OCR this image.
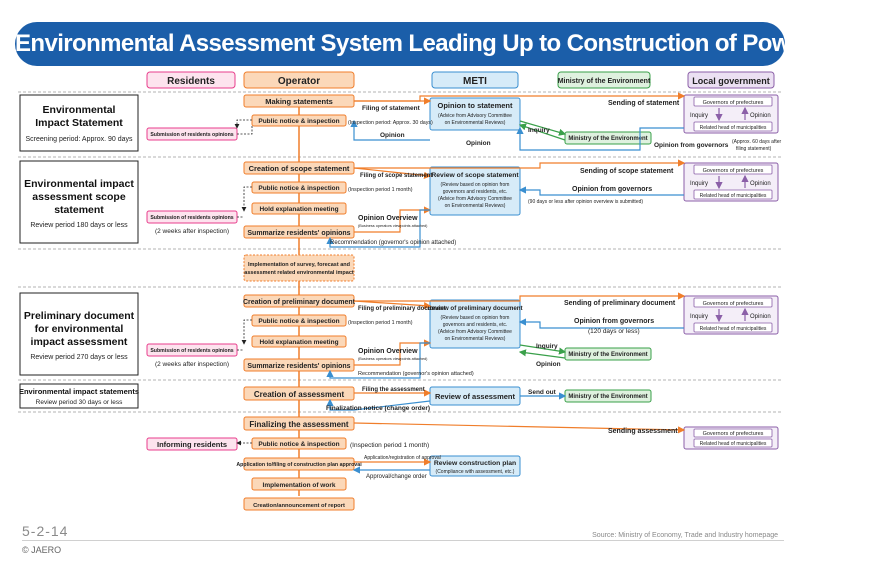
Environmental Assessment System Leading Up to Construction of Power Station
Residents	Operator	METI	Ministry of the Environment	Local government
Environmental
Impact Statement
Screening period: Approx. 90 days
Environmental impact
assessment scope
statement
Review period 180 days or less
Preliminary document
for environmental
impact assessment
Review period 270 days or less
Environmental impact statements
Review period 30 days or less
Making statements
Public notice & inspection
Creation of scope statement
Public notice & inspection
Hold explanation meeting
Summarize residents' opinions
Implementation of survey, forecast and
assessment related environmental impact
Creation of preliminary document
Public notice & inspection
Hold explanation meeting
Summarize residents' opinions
Creation of assessment
Finalizing the assessment
Public notice & inspection
Application to/filing of construction plan approval
Implementation of work
Creation/announcement of report
Submission of residents opinions
Submission of residents opinions
(2 weeks after inspection)
Submission of residents opinions
(2 weeks after inspection)
Informing residents
Opinion to statement
(Advice from Advisory Committee
on Environmental Reviews)
Review of scope statement
(Review based on opinion from
governors and residents, etc.
(Advice from Advisory Committee
on Environmental Reviews)
Review of preliminary document
(Review based on opinion from
governors and residents, etc.
(Advice from Advisory Committee
on Environmental Reviews)
Review of assessment
Review construction plan
(Compliance with assessment, etc.)
Ministry of the Environment
Ministry of the Environment
Ministry of the Environment
Governors of prefectures
Inquiry	Opinion
Related head of municipalities
Governors of prefectures
Inquiry	Opinion
Related head of municipalities
Governors of prefectures
Inquiry	Opinion
Related head of municipalities
Governors of prefectures
Related head of municipalities
Filing of statement
(Inspection period: Approx. 30 days)
Sending of statement
Inquiry
Opinion
Opinion	Opinion from governors (Approx. 60 days after
filing statement)
Filing of scope statement
(Inspection period 1 month)
Sending of scope statement
Opinion from governors
(90 days or less after opinion overview is submitted)
Opinion Overview
(Business operators viewpoints attached)
Recommendation (governor's opinion attached)
Filing of preliminary document
(Inspection period 1 month)
Sending of preliminary document
Opinion from governors
(120 days or less)
Inquiry
Opinion
Opinion Overview
(Business operators viewpoints attached)
Recommendation (governor's opinion attached)
Filing the assessment	Send out
Finalization notice (change order)
Sending assessment
(Inspection period 1 month)
Application/registration of approval
Approval/change order
5-2-14
© JAERO
Source: Ministry of Economy, Trade and Industry homepage
